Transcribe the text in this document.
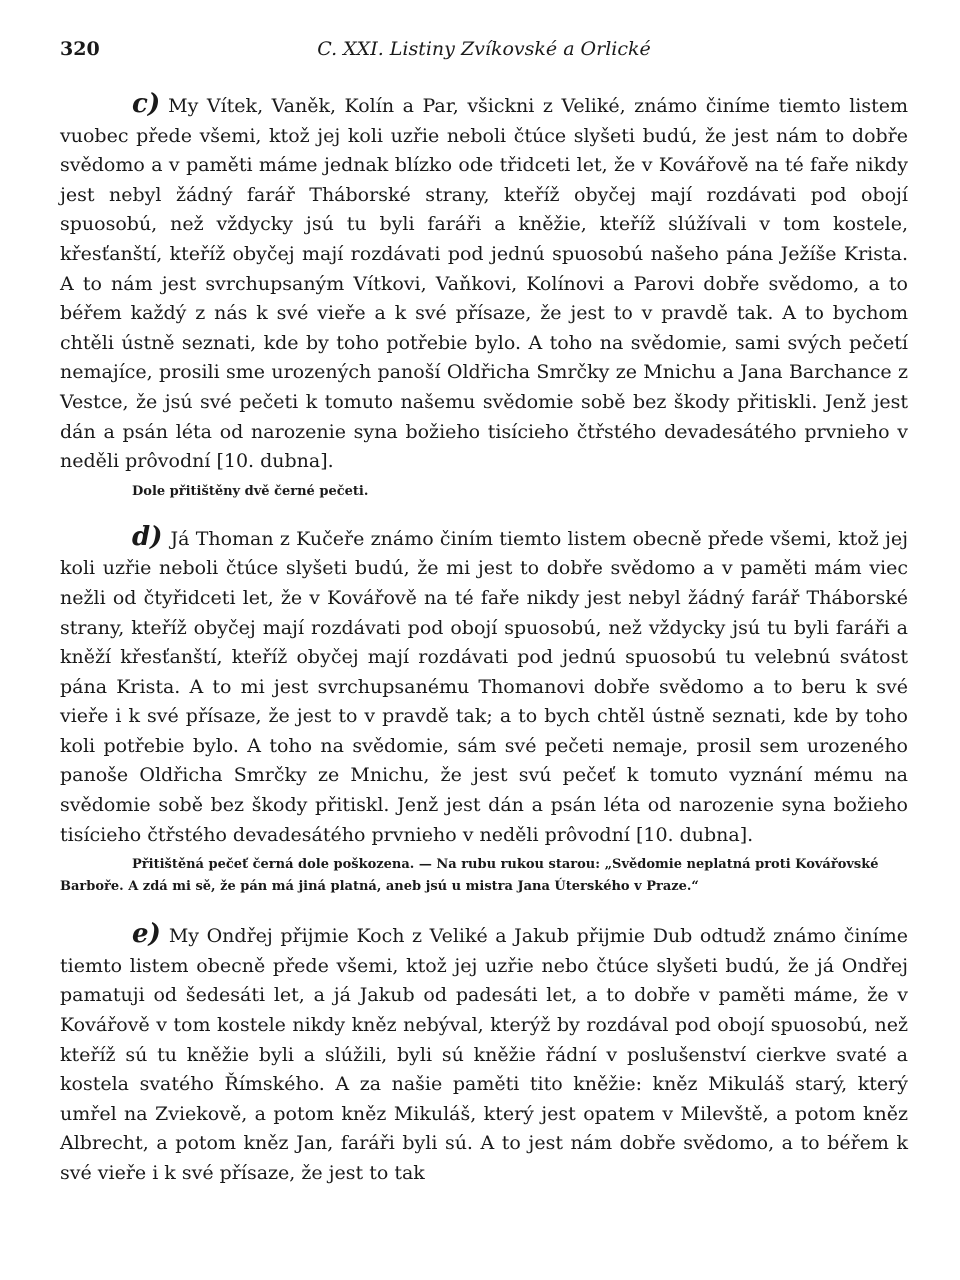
320	C. XXI. Listiny Zvíkovské a Orlické

c) My Vítek, Vaněk, Kolín a Par, všickni z Veliké, známo činíme tiemto listem vuobec přede všemi, ktož jej koli uzřie neboli čtúce slyšeti budú, že jest nám to dobře svědomo a v paměti máme jednak blízko ode třidceti let, že v Kovářově na té faře nikdy jest nebyl žádný farář Tháborské strany, kteříž obyčej mají rozdávati pod obojí spuosobú, než vždycky jsú tu byli faráři a kněžie, kteříž slúžívali v tom kostele, křesťanští, kteříž obyčej mají rozdávati pod jednú spuosobú našeho pána Ježíše Krista. A to nám jest svrchupsaným Vítkovi, Vaňkovi, Kolínovi a Parovi dobře svědomo, a to béřem každý z nás k své vieře a k své přísaze, že jest to v pravdě tak. A to bychom chtěli ústně seznati, kde by toho potřebie bylo. A toho na svědomie, sami svých pečetí nemajíce, prosili sme urozených panoší Oldřicha Smrčky ze Mnichu a Jana Barchance z Vestce, že jsú své pečeti k tomuto našemu svědomie sobě bez škody přitiskli. Jenž jest dán a psán léta od narozenie syna božieho tisícieho čtřstého devadesátého prvnieho v neděli prôvodní [10. dubna].

Dole přitištěny dvě černé pečeti.

d) Já Thoman z Kučeře známo činím tiemto listem obecně přede všemi, ktož jej koli uzřie neboli čtúce slyšeti budú, že mi jest to dobře svědomo a v paměti mám viec nežli od čtyřidceti let, že v Kovářově na té faře nikdy jest nebyl žádný farář Tháborské strany, kteříž obyčej mají rozdávati pod obojí spuosobú, než vždycky jsú tu byli faráři a kněží křesťanští, kteříž obyčej mají rozdávati pod jednú spuosobú tu velebnú svátost pána Krista. A to mi jest svrchupsanému Thomanovi dobře svědomo a to beru k své vieře i k své přísaze, že jest to v pravdě tak; a to bych chtěl ústně seznati, kde by toho koli potřebie bylo. A toho na svědomie, sám své pečeti nemaje, prosil sem urozeného panoše Oldřicha Smrčky ze Mnichu, že jest svú pečeť k tomuto vyznání mému na svědomie sobě bez škody přitiskl. Jenž jest dán a psán léta od narozenie syna božieho tisícieho čtřstého devadesátého prvnieho v neděli prôvodní [10. dubna].

Přitištěná pečeť černá dole poškozena. — Na rubu rukou starou: „Svědomie neplatná proti Kovářovské
Barboře. A zdá mi sě, že pán má jiná platná, aneb jsú u mistra Jana Úterského v Praze.“

e) My Ondřej přijmie Koch z Veliké a Jakub přijmie Dub odtudž známo činíme tiemto listem obecně přede všemi, ktož jej uzřie nebo čtúce slyšeti budú, že já Ondřej pamatuji od šedesáti let, a já Jakub od padesáti let, a to dobře v paměti máme, že v Kovářově v tom kostele nikdy kněz nebýval, kterýž by rozdával pod obojí spuosobú, než kteříž sú tu kněžie byli a slúžili, byli sú kněžie řádní v poslušenství cierkve svaté a kostela svatého Římského. A za našie paměti tito kněžie: kněz Mikuláš starý, který umřel na Zviekově, a potom kněz Mikuláš, který jest opatem v Milevště, a potom kněz Albrecht, a potom kněz Jan, faráři byli sú. A to jest nám dobře svědomo, a to béřem k své vieře i k své přísaze, že jest to tak
